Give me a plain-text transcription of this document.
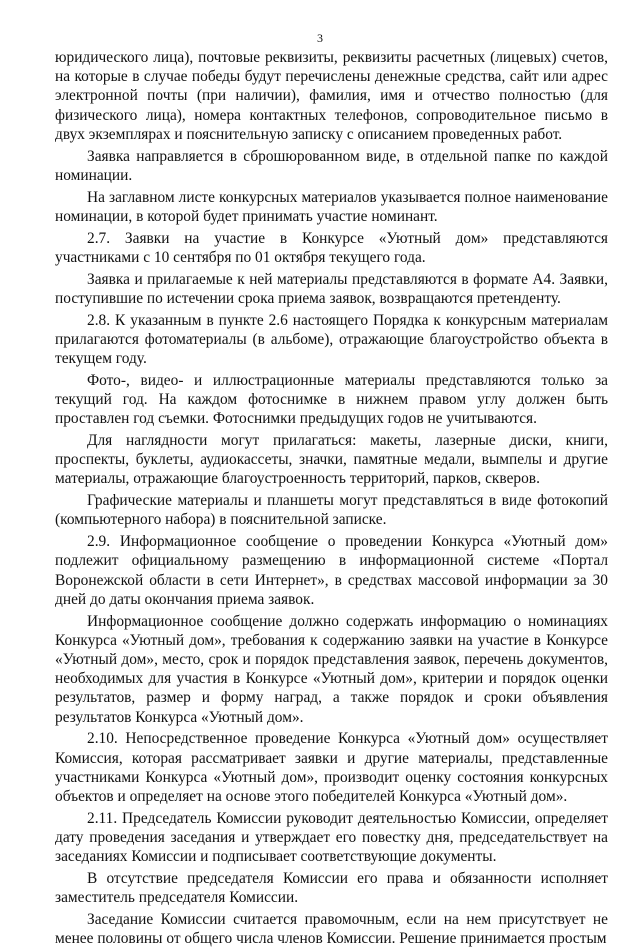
3

юридического лица), почтовые реквизиты, реквизиты расчетных (лицевых) счетов, на которые в случае победы будут перечислены денежные средства, сайт или адрес электронной почты (при наличии), фамилия, имя и отчество полностью (для физического лица), номера контактных телефонов, сопроводительное письмо в двух экземплярах и пояснительную записку с описанием проведенных работ.

Заявка направляется в сброшюрованном виде, в отдельной папке по каждой номинации.

На заглавном листе конкурсных материалов указывается полное наименование номинации, в которой будет принимать участие номинант.

2.7. Заявки на участие в Конкурсе «Уютный дом» представляются участниками с 10 сентября по 01 октября текущего года.

Заявка и прилагаемые к ней материалы представляются в формате А4. Заявки, поступившие по истечении срока приема заявок, возвращаются претенденту.

2.8. К указанным в пункте 2.6 настоящего Порядка к конкурсным материалам прилагаются фотоматериалы (в альбоме), отражающие благоустройство объекта в текущем году.

Фото-, видео- и иллюстрационные материалы представляются только за текущий год. На каждом фотоснимке в нижнем правом углу должен быть проставлен год съемки. Фотоснимки предыдущих годов не учитываются.

Для наглядности могут прилагаться: макеты, лазерные диски, книги, проспекты, буклеты, аудиокассеты, значки, памятные медали, вымпелы и другие материалы, отражающие благоустроенность территорий, парков, скверов.

Графические материалы и планшеты могут представляться в виде фотокопий (компьютерного набора) в пояснительной записке.

2.9. Информационное сообщение о проведении Конкурса «Уютный дом» подлежит официальному размещению в информационной системе «Портал Воронежской области в сети Интернет», в средствах массовой информации за 30 дней до даты окончания приема заявок.

Информационное сообщение должно содержать информацию о номинациях Конкурса «Уютный дом», требования к содержанию заявки на участие в Конкурсе «Уютный дом», место, срок и порядок представления заявок, перечень документов, необходимых для участия в Конкурсе «Уютный дом», критерии и порядок оценки результатов, размер и форму наград, а также порядок и сроки объявления результатов Конкурса «Уютный дом».

2.10. Непосредственное проведение Конкурса «Уютный дом» осуществляет Комиссия, которая рассматривает заявки и другие материалы, представленные участниками Конкурса «Уютный дом», производит оценку состояния конкурсных объектов и определяет на основе этого победителей Конкурса «Уютный дом».

2.11. Председатель Комиссии руководит деятельностью Комиссии, определяет дату проведения заседания и утверждает его повестку дня, председательствует на заседаниях Комиссии и подписывает соответствующие документы.

В отсутствие председателя Комиссии его права и обязанности исполняет заместитель председателя Комиссии.

Заседание Комиссии считается правомочным, если на нем присутствует не менее половины от общего числа членов Комиссии. Решение принимается простым
